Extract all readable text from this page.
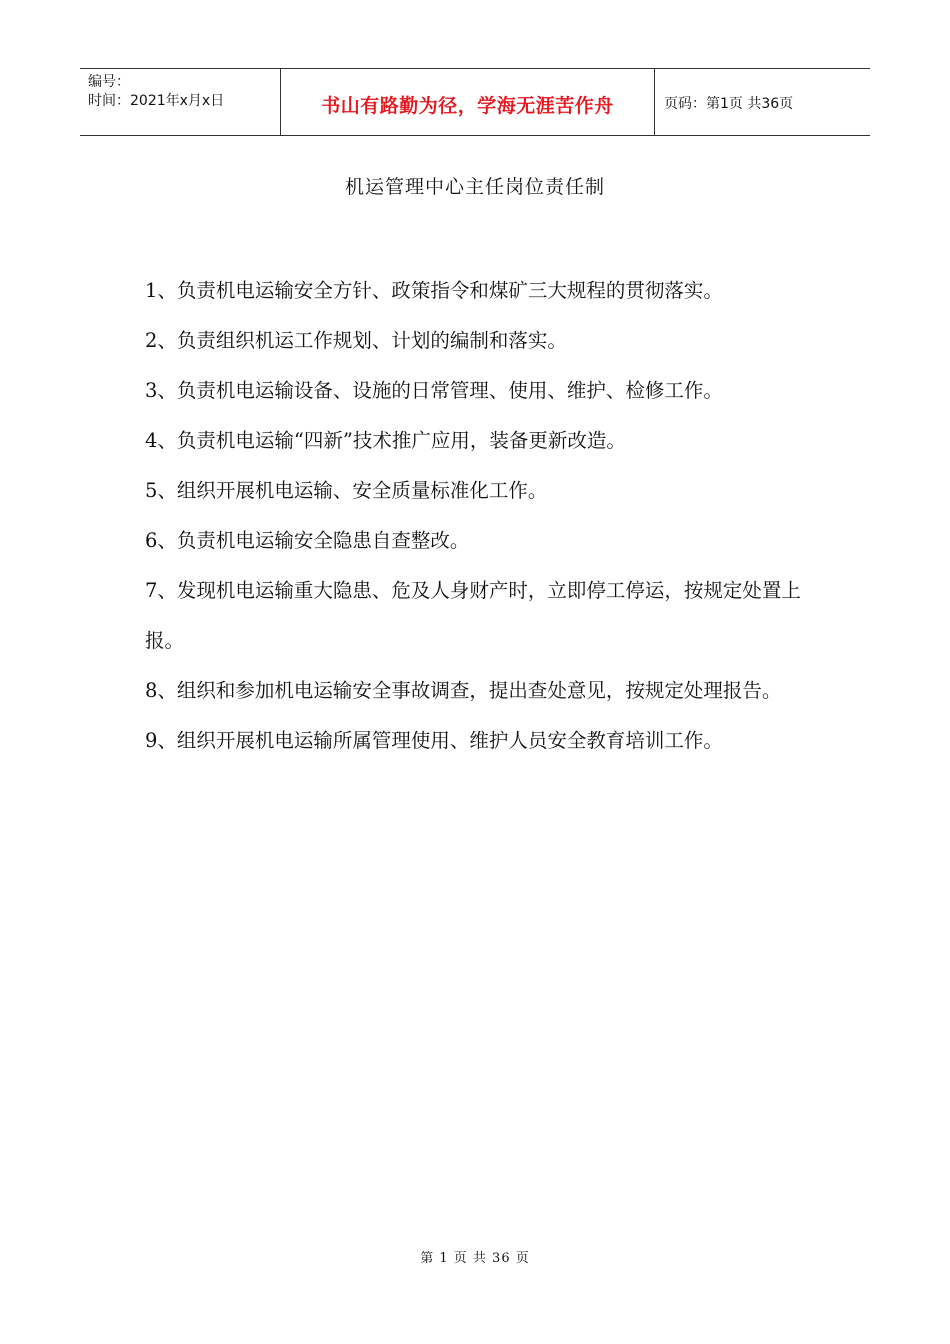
编号：
时间：2021年x月x日	书山有路勤为径，学海无涯苦作舟	页码：第1页 共36页
机运管理中心主任岗位责任制

1、负责机电运输安全方针、政策指令和煤矿三大规程的贯彻落实。

2、负责组织机运工作规划、计划的编制和落实。

3、负责机电运输设备、设施的日常管理、使用、维护、检修工作。

4、负责机电运输“四新”技术推广应用，装备更新改造。

5、组织开展机电运输、安全质量标准化工作。

6、负责机电运输安全隐患自查整改。

7、发现机电运输重大隐患、危及人身财产时，立即停工停运，按规定处置上报。

8、组织和参加机电运输安全事故调查，提出查处意见，按规定处理报告。

9、组织开展机电运输所属管理使用、维护人员安全教育培训工作。

第 1 页 共 36 页
